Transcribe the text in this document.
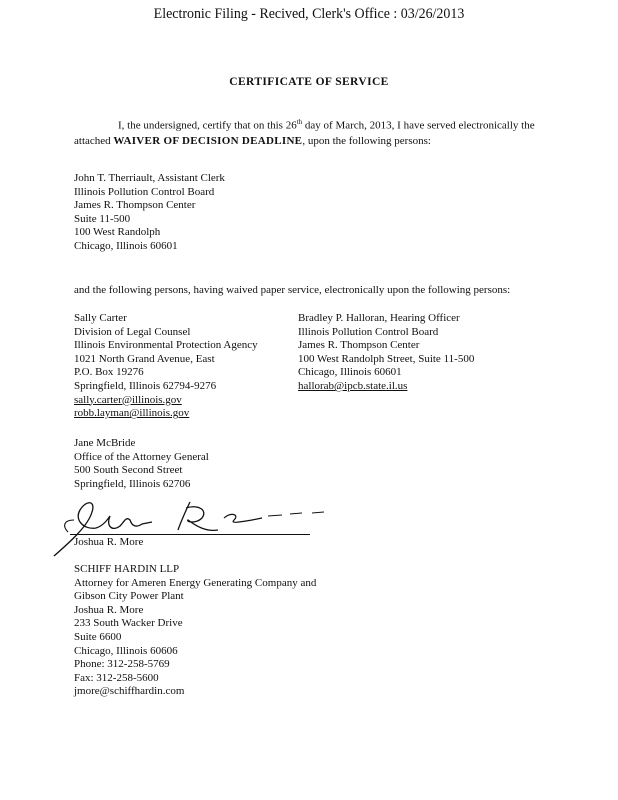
Electronic Filing - Recived, Clerk's Office : 03/26/2013
CERTIFICATE OF SERVICE
I, the undersigned, certify that on this 26th day of March, 2013, I have served electronically the attached WAIVER OF DECISION DEADLINE, upon the following persons:
John T. Therriault, Assistant Clerk
Illinois Pollution Control Board
James R. Thompson Center
Suite 11-500
100 West Randolph
Chicago, Illinois 60601
and the following persons, having waived paper service, electronically upon the following persons:
Sally Carter
Division of Legal Counsel
Illinois Environmental Protection Agency
1021 North Grand Avenue, East
P.O. Box 19276
Springfield, Illinois 62794-9276
sally.carter@illinois.gov
robb.layman@illinois.gov
Bradley P. Halloran, Hearing Officer
Illinois Pollution Control Board
James R. Thompson Center
100 West Randolph Street, Suite 11-500
Chicago, Illinois 60601
hallorab@ipcb.state.il.us
Jane McBride
Office of the Attorney General
500 South Second Street
Springfield, Illinois 62706
Joshua R. More
SCHIFF HARDIN LLP
Attorney for Ameren Energy Generating Company and
Gibson City Power Plant
Joshua R. More
233 South Wacker Drive
Suite 6600
Chicago, Illinois 60606
Phone: 312-258-5769
Fax: 312-258-5600
jmore@schiffhardin.com
